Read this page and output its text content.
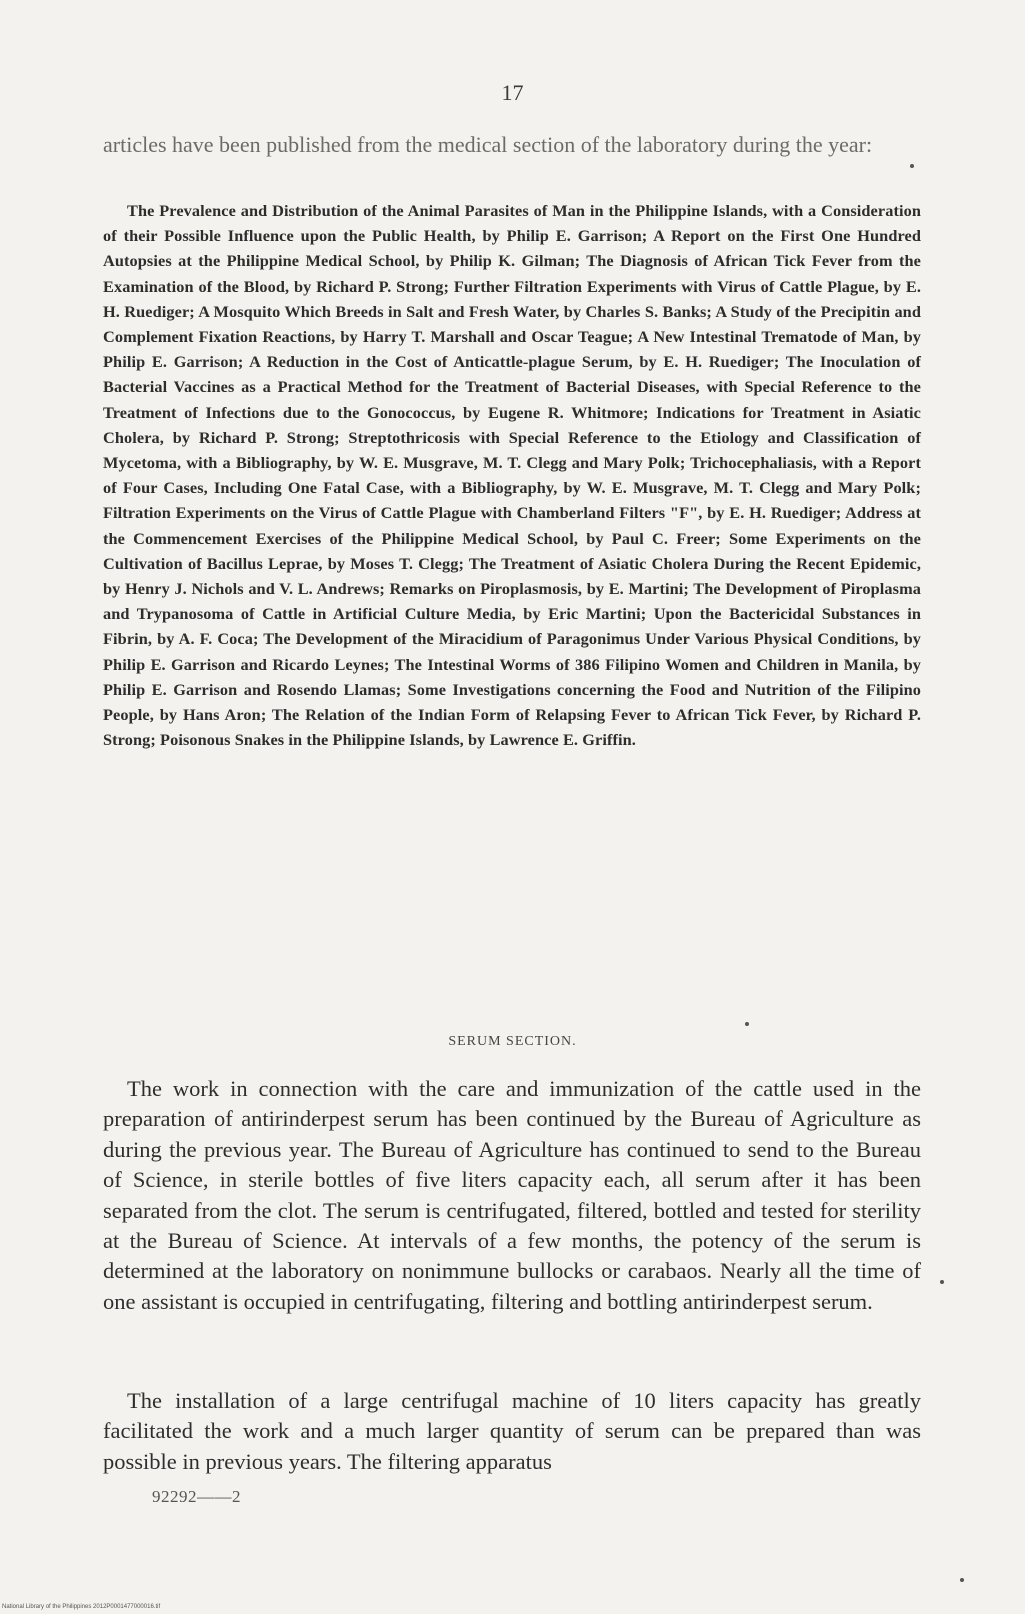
17
articles have been published from the medical section of the laboratory during the year:
The Prevalence and Distribution of the Animal Parasites of Man in the Philippine Islands, with a Consideration of their Possible Influence upon the Public Health, by Philip E. Garrison; A Report on the First One Hundred Autopsies at the Philippine Medical School, by Philip K. Gilman; The Diagnosis of African Tick Fever from the Examination of the Blood, by Richard P. Strong; Further Filtration Experiments with Virus of Cattle Plague, by E. H. Ruediger; A Mosquito Which Breeds in Salt and Fresh Water, by Charles S. Banks; A Study of the Precipitin and Complement Fixation Reactions, by Harry T. Marshall and Oscar Teague; A New Intestinal Trematode of Man, by Philip E. Garrison; A Reduction in the Cost of Anticattle-plague Serum, by E. H. Ruediger; The Inoculation of Bacterial Vaccines as a Practical Method for the Treatment of Bacterial Diseases, with Special Reference to the Treatment of Infections due to the Gonococcus, by Eugene R. Whitmore; Indications for Treatment in Asiatic Cholera, by Richard P. Strong; Streptothricosis with Special Reference to the Etiology and Classification of Mycetoma, with a Bibliography, by W. E. Musgrave, M. T. Clegg and Mary Polk; Trichocephaliasis, with a Report of Four Cases, Including One Fatal Case, with a Bibliography, by W. E. Musgrave, M. T. Clegg and Mary Polk; Filtration Experiments on the Virus of Cattle Plague with Chamberland Filters "F", by E. H. Ruediger; Address at the Commencement Exercises of the Philippine Medical School, by Paul C. Freer; Some Experiments on the Cultivation of Bacillus Leprae, by Moses T. Clegg; The Treatment of Asiatic Cholera During the Recent Epidemic, by Henry J. Nichols and V. L. Andrews; Remarks on Piroplasmosis, by E. Martini; The Development of Piroplasma and Trypanosoma of Cattle in Artificial Culture Media, by Eric Martini; Upon the Bactericidal Substances in Fibrin, by A. F. Coca; The Development of the Miracidium of Paragonimus Under Various Physical Conditions, by Philip E. Garrison and Ricardo Leynes; The Intestinal Worms of 386 Filipino Women and Children in Manila, by Philip E. Garrison and Rosendo Llamas; Some Investigations concerning the Food and Nutrition of the Filipino People, by Hans Aron; The Relation of the Indian Form of Relapsing Fever to African Tick Fever, by Richard P. Strong; Poisonous Snakes in the Philippine Islands, by Lawrence E. Griffin.
SERUM SECTION.
The work in connection with the care and immunization of the cattle used in the preparation of antirinderpest serum has been continued by the Bureau of Agriculture as during the previous year. The Bureau of Agriculture has continued to send to the Bureau of Science, in sterile bottles of five liters capacity each, all serum after it has been separated from the clot. The serum is centrifugated, filtered, bottled and tested for sterility at the Bureau of Science. At intervals of a few months, the potency of the serum is determined at the laboratory on nonimmune bullocks or carabaos. Nearly all the time of one assistant is occupied in centrifugating, filtering and bottling antirinderpest serum.
The installation of a large centrifugal machine of 10 liters capacity has greatly facilitated the work and a much larger quantity of serum can be prepared than was possible in previous years. The filtering apparatus
92292——2
National Library of the Philippines 2012P0001477000016.tif
